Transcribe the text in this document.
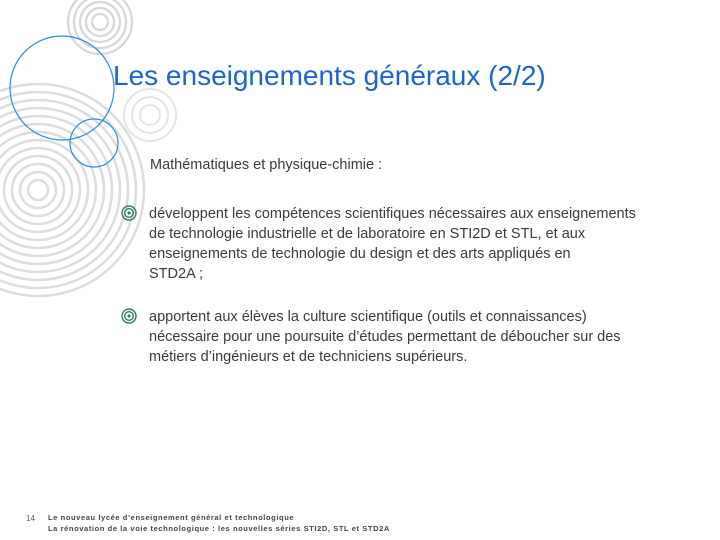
Les enseignements généraux (2/2)
Mathématiques et physique-chimie :
développent les compétences scientifiques nécessaires aux enseignements
de technologie industrielle et de laboratoire en STI2D et STL, et aux
enseignements de technologie du design et des arts appliqués en
STD2A ;
apportent aux élèves la culture scientifique (outils et connaissances)
nécessaire pour une poursuite d’études permettant de déboucher sur des
métiers d’ingénieurs et de techniciens supérieurs.
14 Le nouveau lycée d’enseignement général et technologique
La rénovation de la voie technologique : les nouvelles séries STI2D, STL et STD2A
